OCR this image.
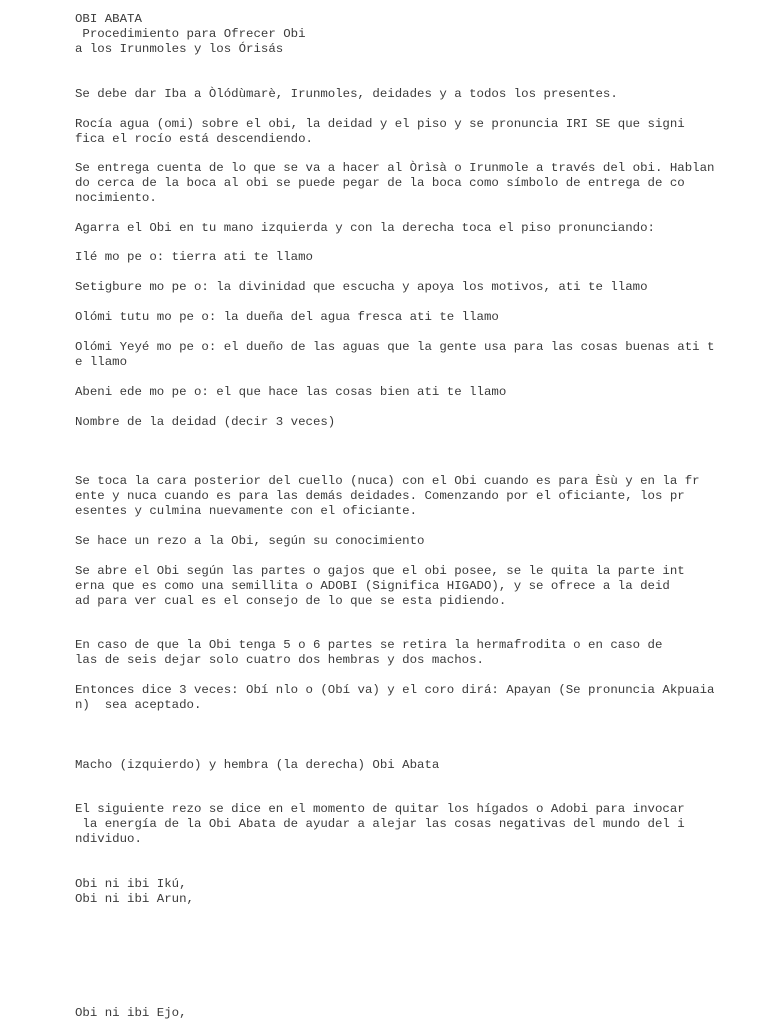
OBI ABATA
Procedimiento para Ofrecer Obi
a los Irunmoles y los Órisás
Se debe dar Iba a Òlódùmarè, Irunmoles, deidades y a todos los presentes.
Rocía agua (omi) sobre el obi, la deidad y el piso y se pronuncia IRI SE que signi
fica el rocío está descendiendo.
Se entrega cuenta de lo que se va a hacer al Òrìsà o Irunmole a través del obi. Hablan
do cerca de la boca al obi se puede pegar de la boca como símbolo de entrega de co
nocimiento.
Agarra el Obi en tu mano izquierda y con la derecha toca el piso pronunciando:
Ilé mo pe o: tierra ati te llamo
Setigbure mo pe o: la divinidad que escucha y apoya los motivos, ati te llamo
Olómi tutu mo pe o: la dueña del agua fresca ati te llamo
Olómi Yeyé mo pe o: el dueño de las aguas que la gente usa para las cosas buenas ati t
e llamo
Abeni ede mo pe o: el que hace las cosas bien ati te llamo
Nombre de la deidad (decir 3 veces)
Se toca la cara posterior del cuello (nuca) con el Obi cuando es para Èsù y en la fr
ente y nuca cuando es para las demás deidades. Comenzando por el oficiante, los pr
esentes y culmina nuevamente con el oficiante.
Se hace un rezo a la Obi, según su conocimiento
Se abre el Obi según las partes o gajos que el obi posee, se le quita la parte int
erna que es como una semillita o ADOBI (Significa HIGADO), y se ofrece a la deid
ad para ver cual es el consejo de lo que se esta pidiendo.
En caso de que la Obi tenga 5 o 6 partes se retira la hermafrodita o en caso de
las de seis dejar solo cuatro dos hembras y dos machos.
Entonces dice 3 veces: Obí nlo o (Obí va) y el coro dirá: Apayan (Se pronuncia Akpuaia
n)  sea aceptado.
Macho (izquierdo) y hembra (la derecha) Obi Abata
El siguiente rezo se dice en el momento de quitar los hígados o Adobi para invocar
la energía de la Obi Abata de ayudar a alejar las cosas negativas del mundo del i
ndividuo.
Obi ni ibi Ikú,
Obi ni ibi Arun,
Obi ni ibi Ejo,
